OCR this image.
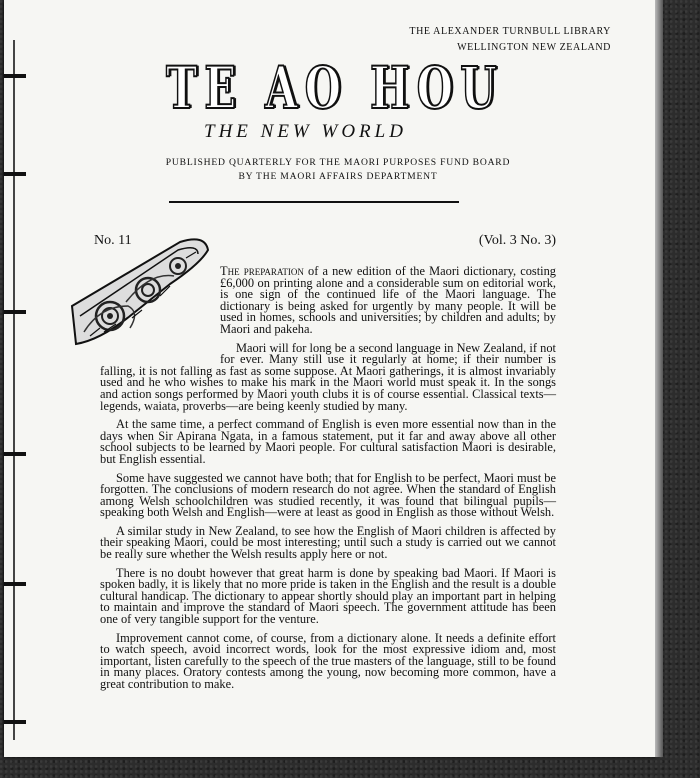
THE ALEXANDER TURNBULL LIBRARY
WELLINGTON NEW ZEALAND
TE AO HOU
THE NEW WORLD
PUBLISHED QUARTERLY FOR THE MAORI PURPOSES FUND BOARD
BY THE MAORI AFFAIRS DEPARTMENT
No. 11	(Vol. 3 No. 3)

The preparation of a new edition of the Maori dictionary, costing £6,000 on printing alone and a considerable sum on editorial work, is one sign of the continued life of the Maori language. The dictionary is being asked for urgently by many people. It will be used in homes, schools and universities; by children and adults; by Maori and pakeha.

Maori will for long be a second language in New Zealand, if not for ever. Many still use it regularly at home; if their number is falling, it is not falling as fast as some suppose. At Maori gatherings, it is almost invariably used and he who wishes to make his mark in the Maori world must speak it. In the songs and action songs performed by Maori youth clubs it is of course essential. Classical texts—legends, waiata, proverbs—are being keenly studied by many.

At the same time, a perfect command of English is even more essential now than in the days when Sir Apirana Ngata, in a famous statement, put it far and away above all other school subjects to be learned by Maori people. For cultural satisfaction Maori is desirable, but English essential.

Some have suggested we cannot have both; that for English to be perfect, Maori must be forgotten. The conclusions of modern research do not agree. When the standard of English among Welsh schoolchildren was studied recently, it was found that bilingual pupils—speaking both Welsh and English—were at least as good in English as those without Welsh.

A similar study in New Zealand, to see how the English of Maori children is affected by their speaking Maori, could be most interesting; until such a study is carried out we cannot be really sure whether the Welsh results apply here or not.

There is no doubt however that great harm is done by speaking bad Maori. If Maori is spoken badly, it is likely that no more pride is taken in the English and the result is a double cultural handicap. The dictionary to appear shortly should play an important part in helping to maintain and improve the standard of Maori speech. The government attitude has been one of very tangible support for the venture.

Improvement cannot come, of course, from a dictionary alone. It needs a definite effort to watch speech, avoid incorrect words, look for the most expressive idiom and, most important, listen carefully to the speech of the true masters of the language, still to be found in many places. Oratory contests among the young, now becoming more common, have a great contribution to make.
